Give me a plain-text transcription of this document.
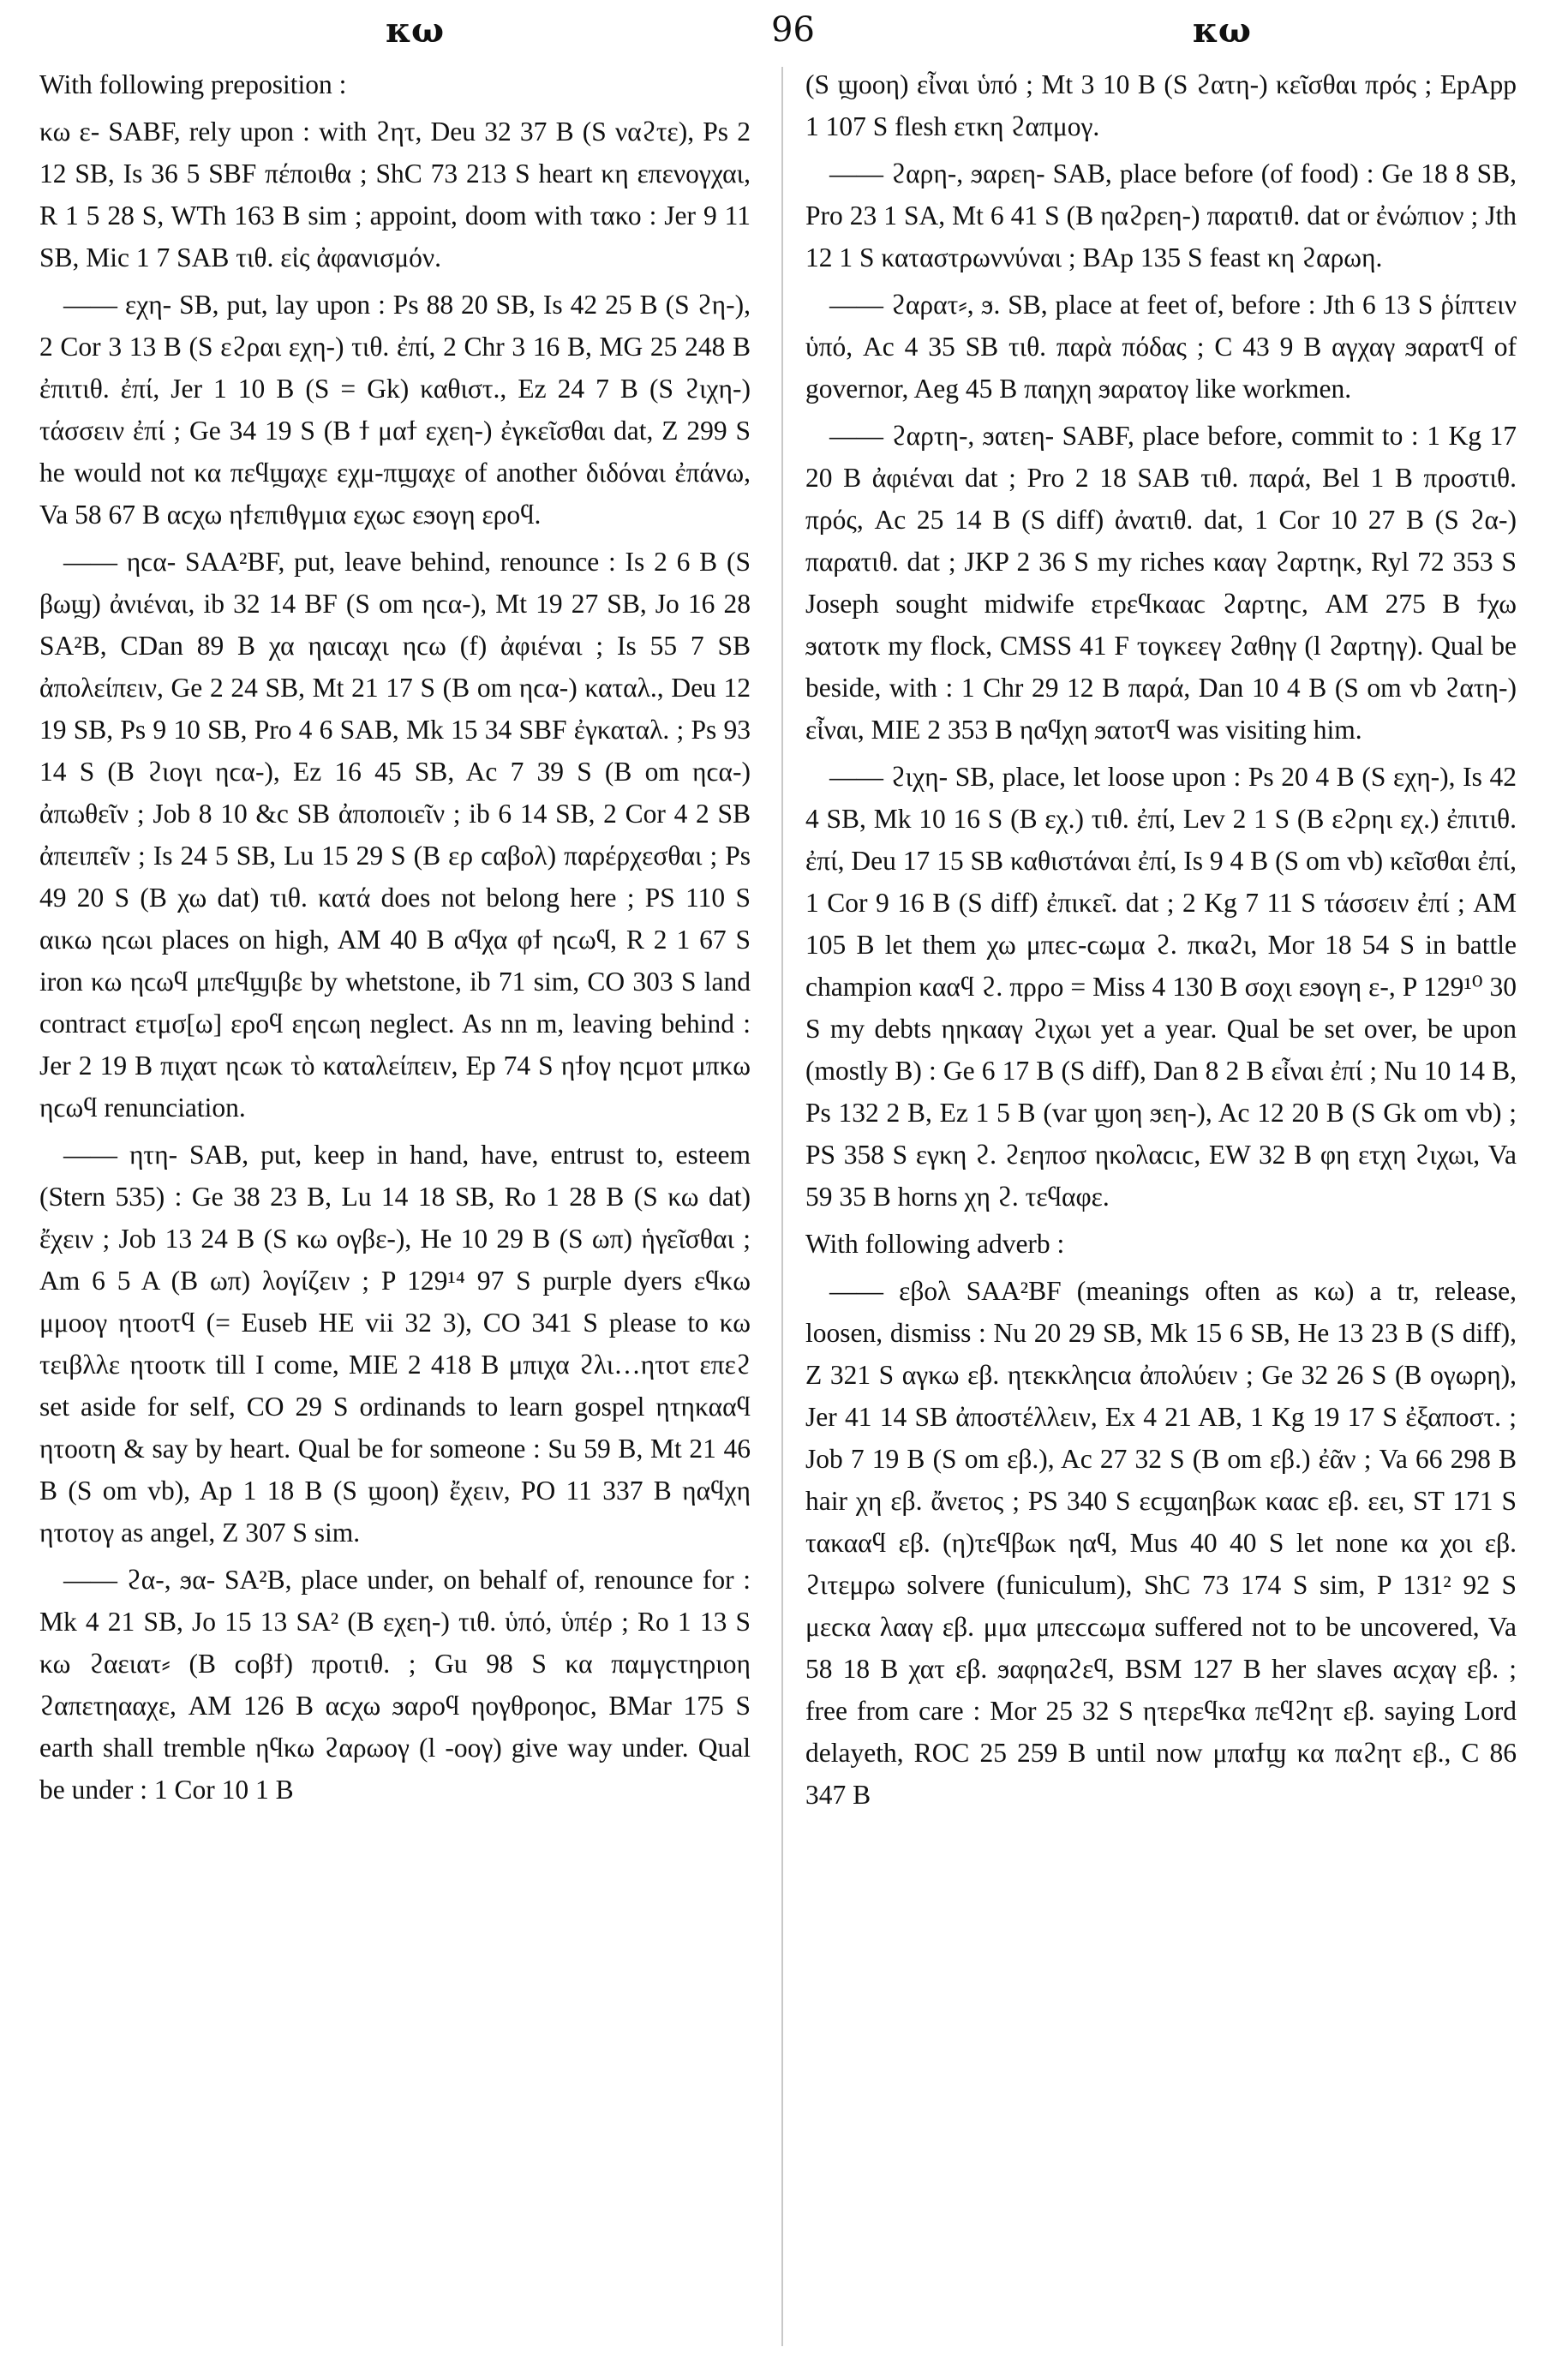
κω	96	κω

With following preposition :

κω ε- SABF, rely upon : with ϩητ, Deu 32 37 B (S ναϩτε), Ps 2 12 SB, Is 36 5 SBF πέποιθα ; ShC 73 213 S heart κη επενογχαι, R 1 5 28 S, WTh 163 B sim ; appoint, doom with τακο : Jer 9 11 SB, Mic 1 7 SAB τιθ. εἰς ἀφανισμόν.

—— εχη- SB, put, lay upon : Ps 88 20 SB, Is 42 25 B (S ϩη-), 2 Cor 3 13 B (S εϩραι εχη-) τιθ. ἐπί, 2 Chr 3 16 B, MG 25 248 B ἐπιτιθ. ἐπί, Jer 1 10 B (S = Gk) καθιστ., Ez 24 7 B (S ϩιχη-) τάσσειν ἐπί ; Ge 34 19 S (B ϯ μαϯ εχεη-) ἐγκεῖσθαι dat, Z 299 S he would not κα πεϥϣαχε εχμ-πϣαχε of another διδόναι ἐπάνω, Va 58 67 B αϲχω ηϯεπιθγμια εχωϲ εϧογη εροϥ.

—— ηϲα- SAA²BF, put, leave behind, renounce : Is 2 6 B (S βωϣ) ἀνιέναι, ib 32 14 BF (S om ηϲα-), Mt 19 27 SB, Jo 16 28 SA²B, CDan 89 B χα ηαιϲαχι ηϲω (f) ἀφιέναι ; Is 55 7 SB ἀπολείπειν, Ge 2 24 SB, Mt 21 17 S (B om ηϲα-) καταλ., Deu 12 19 SB, Ps 9 10 SB, Pro 4 6 SAB, Mk 15 34 SBF ἐγκαταλ. ; Ps 93 14 S (B ϩιογι ηϲα-), Ez 16 45 SB, Ac 7 39 S (B om ηϲα-) ἀπωθεῖν ; Job 8 10 &c SB ἀποποιεῖν ; ib 6 14 SB, 2 Cor 4 2 SB ἀπειπεῖν ; Is 24 5 SB, Lu 15 29 S (B ερ ϲαβολ) παρέρχεσθαι ; Ps 49 20 S (B χω dat) τιθ. κατά does not belong here ; PS 110 S αικω ηϲωι places on high, AM 40 B αϥχα φϯ ηϲωϥ, R 2 1 67 S iron κω ηϲωϥ μπεϥϣιβε by whetstone, ib 71 sim, CO 303 S land contract ετμσ[ω] εροϥ εηϲωη neglect. As nn m, leaving behind : Jer 2 19 B πιχατ ηϲωκ τὸ καταλείπειν, Ep 74 S ηϯογ ηϲμοτ μπκω ηϲωϥ renunciation.

—— ητη- SAB, put, keep in hand, have, entrust to, esteem (Stern 535) : Ge 38 23 B, Lu 14 18 SB, Ro 1 28 B (S κω dat) ἔχειν ; Job 13 24 B (S κω ογβε-), He 10 29 B (S ωπ) ἡγεῖσθαι ; Am 6 5 A (B ωπ) λογίζειν ; P 129¹⁴ 97 S purple dyers εϥκω μμοογ ητοοτϥ (= Euseb HE vii 32 3), CO 341 S please to κω τειβλλε ητοοτκ till I come, MIE 2 418 B μπιχα ϩλι…ητοτ επεϩ set aside for self, CO 29 S ordinands to learn gospel ητηκααϥ ητοοτη & say by heart. Qual be for someone : Su 59 B, Mt 21 46 B (S om vb), Ap 1 18 B (S ϣοοη) ἔχειν, PO 11 337 B ηαϥχη ητοτογ as angel, Z 307 S sim.

—— ϩα-, ϧα- SA²B, place under, on behalf of, renounce for : Mk 4 21 SB, Jo 15 13 SA² (B εχεη-) τιθ. ὑπό, ὑπέρ ; Ro 1 13 S κω ϩαειατ⸗ (B ϲοβϯ) προτιθ. ; Gu 98 S κα παμγϲτηριοη ϩαπετηααχε, AM 126 B αϲχω ϧαροϥ ηογθροηοϲ, BMar 175 S earth shall tremble ηϥκω ϩαρωογ (l -οογ) give way under. Qual be under : 1 Cor 10 1 B

(S ϣοοη) εἶναι ὑπό ; Mt 3 10 B (S ϩατη-) κεῖσθαι πρός ; EpApp 1 107 S flesh ετκη ϩαπμογ.

—— ϩαρη-, ϧαρεη- SAB, place before (of food) : Ge 18 8 SB, Pro 23 1 SA, Mt 6 41 S (B ηαϩρεη-) παρατιθ. dat or ἐνώπιον ; Jth 12 1 S καταστρωννύναι ; BAp 135 S feast κη ϩαρωη.

—— ϩαρατ⸗, ϧ. SB, place at feet of, before : Jth 6 13 S ῥίπτειν ὑπό, Ac 4 35 SB τιθ. παρὰ πόδας ; C 43 9 B αγχαγ ϧαρατϥ of governor, Aeg 45 B παηχη ϧαρατογ like workmen.

—— ϩαρτη-, ϧατεη- SABF, place before, commit to : 1 Kg 17 20 B ἀφιέναι dat ; Pro 2 18 SAB τιθ. παρά, Bel 1 B προστιθ. πρός, Ac 25 14 B (S diff) ἀνατιθ. dat, 1 Cor 10 27 B (S ϩα-) παρατιθ. dat ; JKP 2 36 S my riches κααγ ϩαρτηκ, Ryl 72 353 S Joseph sought midwife ετρεϥκααϲ ϩαρτηϲ, AM 275 B ϯχω ϧατοτκ my flock, CMSS 41 F τογκεεγ ϩαθηγ (l ϩαρτηγ). Qual be beside, with : 1 Chr 29 12 B παρά, Dan 10 4 B (S om vb ϩατη-) εἶναι, MIE 2 353 B ηαϥχη ϧατοτϥ was visiting him.

—— ϩιχη- SB, place, let loose upon : Ps 20 4 B (S εχη-), Is 42 4 SB, Mk 10 16 S (B εχ.) τιθ. ἐπί, Lev 2 1 S (B εϩρηι εχ.) ἐπιτιθ. ἐπί, Deu 17 15 SB καθιστάναι ἐπί, Is 9 4 B (S om vb) κεῖσθαι ἐπί, 1 Cor 9 16 B (S diff) ἐπικεῖ. dat ; 2 Kg 7 11 S τάσσειν ἐπί ; AM 105 B let them χω μπεϲ-ϲωμα ϩ. πκαϩι, Mor 18 54 S in battle champion κααϥ ϩ. πρρο = Miss 4 130 B σοχι εϧογη ε-, P 129¹⁰ 30 S my debts ηηκααγ ϩιχωι yet a year. Qual be set over, be upon (mostly B) : Ge 6 17 B (S diff), Dan 8 2 B εἶναι ἐπί ; Nu 10 14 B, Ps 132 2 B, Ez 1 5 B (var ϣοη ϧεη-), Ac 12 20 B (S Gk om vb) ; PS 358 S εγκη ϩ. ϩεηποσ ηκολαϲιϲ, EW 32 B φη ετχη ϩιχωι, Va 59 35 B horns χη ϩ. τεϥαφε.

With following adverb :

—— εβολ SAA²BF (meanings often as κω) a tr, release, loosen, dismiss : Nu 20 29 SB, Mk 15 6 SB, He 13 23 B (S diff), Z 321 S αγκω εβ. ητεκκληϲια ἀπολύειν ; Ge 32 26 S (B ογωρη), Jer 41 14 SB ἀποστέλλειν, Ex 4 21 AB, 1 Kg 19 17 S ἐξαποστ. ; Job 7 19 B (S om εβ.), Ac 27 32 S (B om εβ.) ἐᾶν ; Va 66 298 B hair χη εβ. ἄνετος ; PS 340 S εϲϣαηβωκ κααϲ εβ. εει, ST 171 S τακααϥ εβ. (η)τεϥβωκ ηαϥ, Mus 40 40 S let none κα χοι εβ. ϩιτεμρω solvere (funiculum), ShC 73 174 S sim, P 131² 92 S μεϲκα λααγ εβ. μμα μπεϲϲωμα suffered not to be uncovered, Va 58 18 B χατ εβ. ϧαφηαϩεϥ, BSM 127 B her slaves αϲχαγ εβ. ; free from care : Mor 25 32 S ητερεϥκα πεϥϩητ εβ. saying Lord delayeth, ROC 25 259 B until now μπαϯϣ κα παϩητ εβ., C 86 347 B
